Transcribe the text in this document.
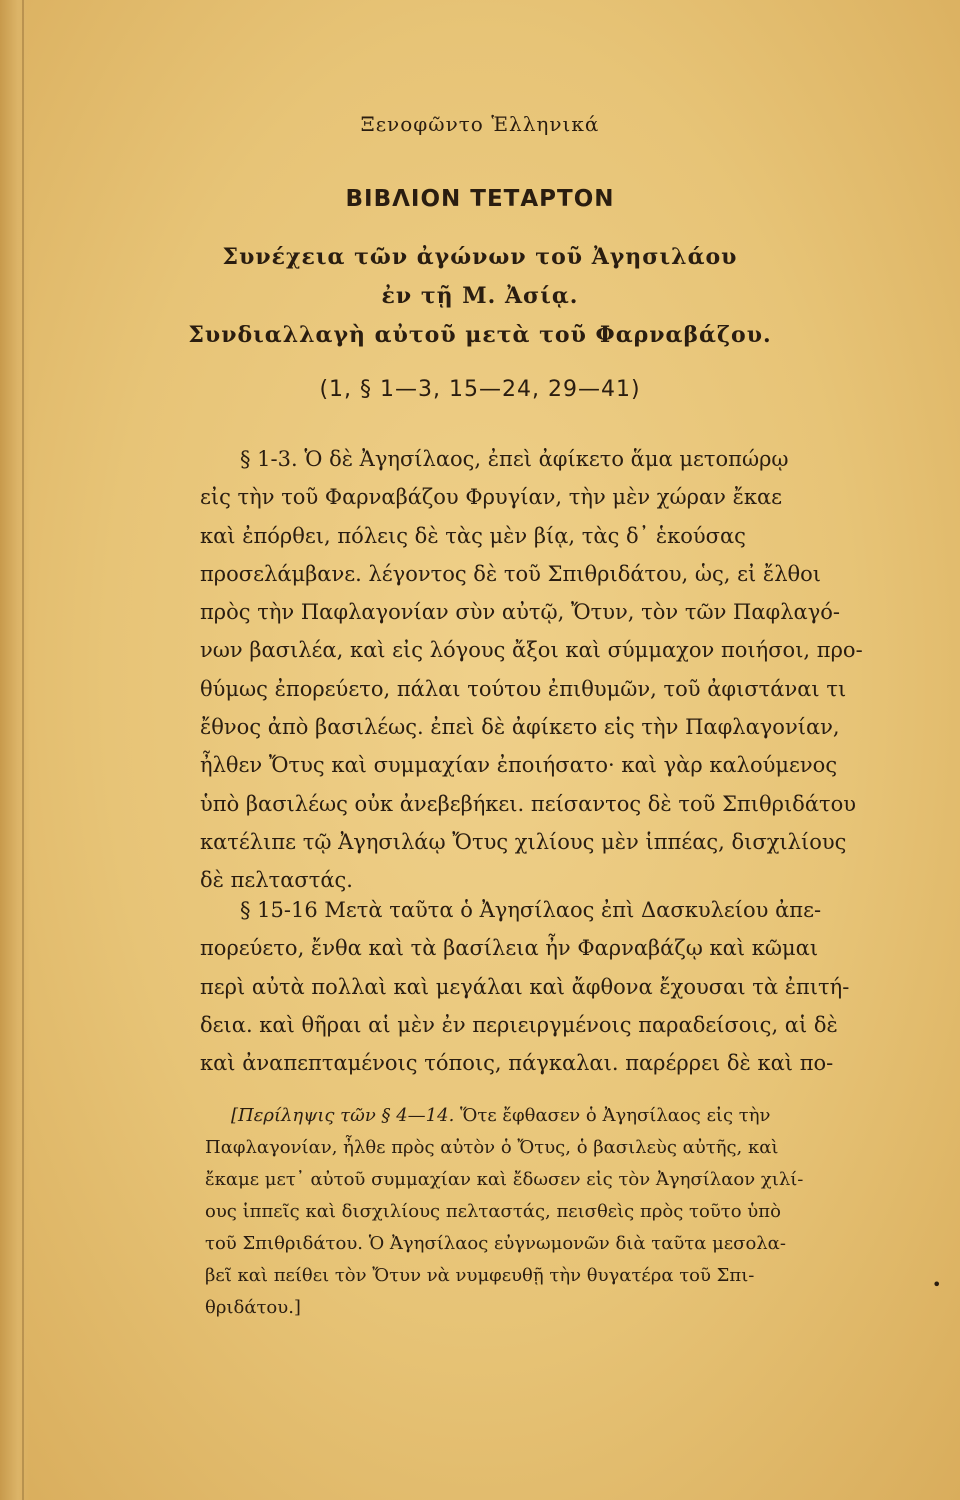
Ξενοφῶντο Ἑλληνικά
ΒΙΒΛΙΟΝ ΤΕΤΑΡΤΟΝ
Συνέχεια τῶν ἀγώνων τοῦ Ἀγησιλάου
ἐν τῇ Μ. Ἀσίᾳ.
Συνδιαλλαγὴ αὐτοῦ μετὰ τοῦ Φαρναβάζου.
(1, § 1—3, 15—24, 29—41)
§ 1-3. Ὁ δὲ Ἀγησίλαος, ἐπεὶ ἀφίκετο ἅμα μετοπώρῳ
εἰς τὴν τοῦ Φαρναβάζου Φρυγίαν, τὴν μὲν χώραν ἔκαε
καὶ ἐπόρθει, πόλεις δὲ τὰς μὲν βίᾳ, τὰς δ᾽ ἑκούσας
προσελάμβανε. λέγοντος δὲ τοῦ Σπιθριδάτου, ὡς, εἰ ἔλθοι
πρὸς τὴν Παφλαγονίαν σὺν αὐτῷ, Ὄτυν, τὸν τῶν Παφλαγό-
νων βασιλέα, καὶ εἰς λόγους ἄξοι καὶ σύμμαχον ποιήσοι, προ-
θύμως ἐπορεύετο, πάλαι τούτου ἐπιθυμῶν, τοῦ ἀφιστάναι τι
ἔθνος ἀπὸ βασιλέως. ἐπεὶ δὲ ἀφίκετο εἰς τὴν Παφλαγονίαν,
ἦλθεν Ὄτυς καὶ συμμαχίαν ἐποιήσατο· καὶ γὰρ καλούμενος
ὑπὸ βασιλέως οὐκ ἀνεβεβήκει. πείσαντος δὲ τοῦ Σπιθριδάτου
κατέλιπε τῷ Ἀγησιλάῳ Ὄτυς χιλίους μὲν ἱππέας, δισχιλίους
δὲ πελταστάς.
§ 15-16 Μετὰ ταῦτα ὁ Ἀγησίλαος ἐπὶ Δασκυλείου ἀπε-
πορεύετο, ἔνθα καὶ τὰ βασίλεια ἦν Φαρναβάζῳ καὶ κῶμαι
περὶ αὐτὰ πολλαὶ καὶ μεγάλαι καὶ ἄφθονα ἔχουσαι τὰ ἐπιτή-
δεια. καὶ θῆραι αἱ μὲν ἐν περιειργμένοις παραδείσοις, αἱ δὲ
καὶ ἀναπεπταμένοις τόποις, πάγκαλαι. παρέρρει δὲ καὶ πο-
[Περίληψις τῶν § 4—14. Ὅτε ἔφθασεν ὁ Ἀγησίλαος εἰς τὴν
Παφλαγονίαν, ἦλθε πρὸς αὐτὸν ὁ Ὄτυς, ὁ βασιλεὺς αὐτῆς, καὶ
ἔκαμε μετ᾽ αὐτοῦ συμμαχίαν καὶ ἔδωσεν εἰς τὸν Ἀγησίλαον χιλί-
ους ἱππεῖς καὶ δισχιλίους πελταστάς, πεισθεὶς πρὸς τοῦτο ὑπὸ
τοῦ Σπιθριδάτου. Ὁ Ἀγησίλαος εὐγνωμονῶν διὰ ταῦτα μεσολα-
βεῖ καὶ πείθει τὸν Ὄτυν νὰ νυμφευθῇ τὴν θυγατέρα τοῦ Σπι-
θριδάτου.]
•
